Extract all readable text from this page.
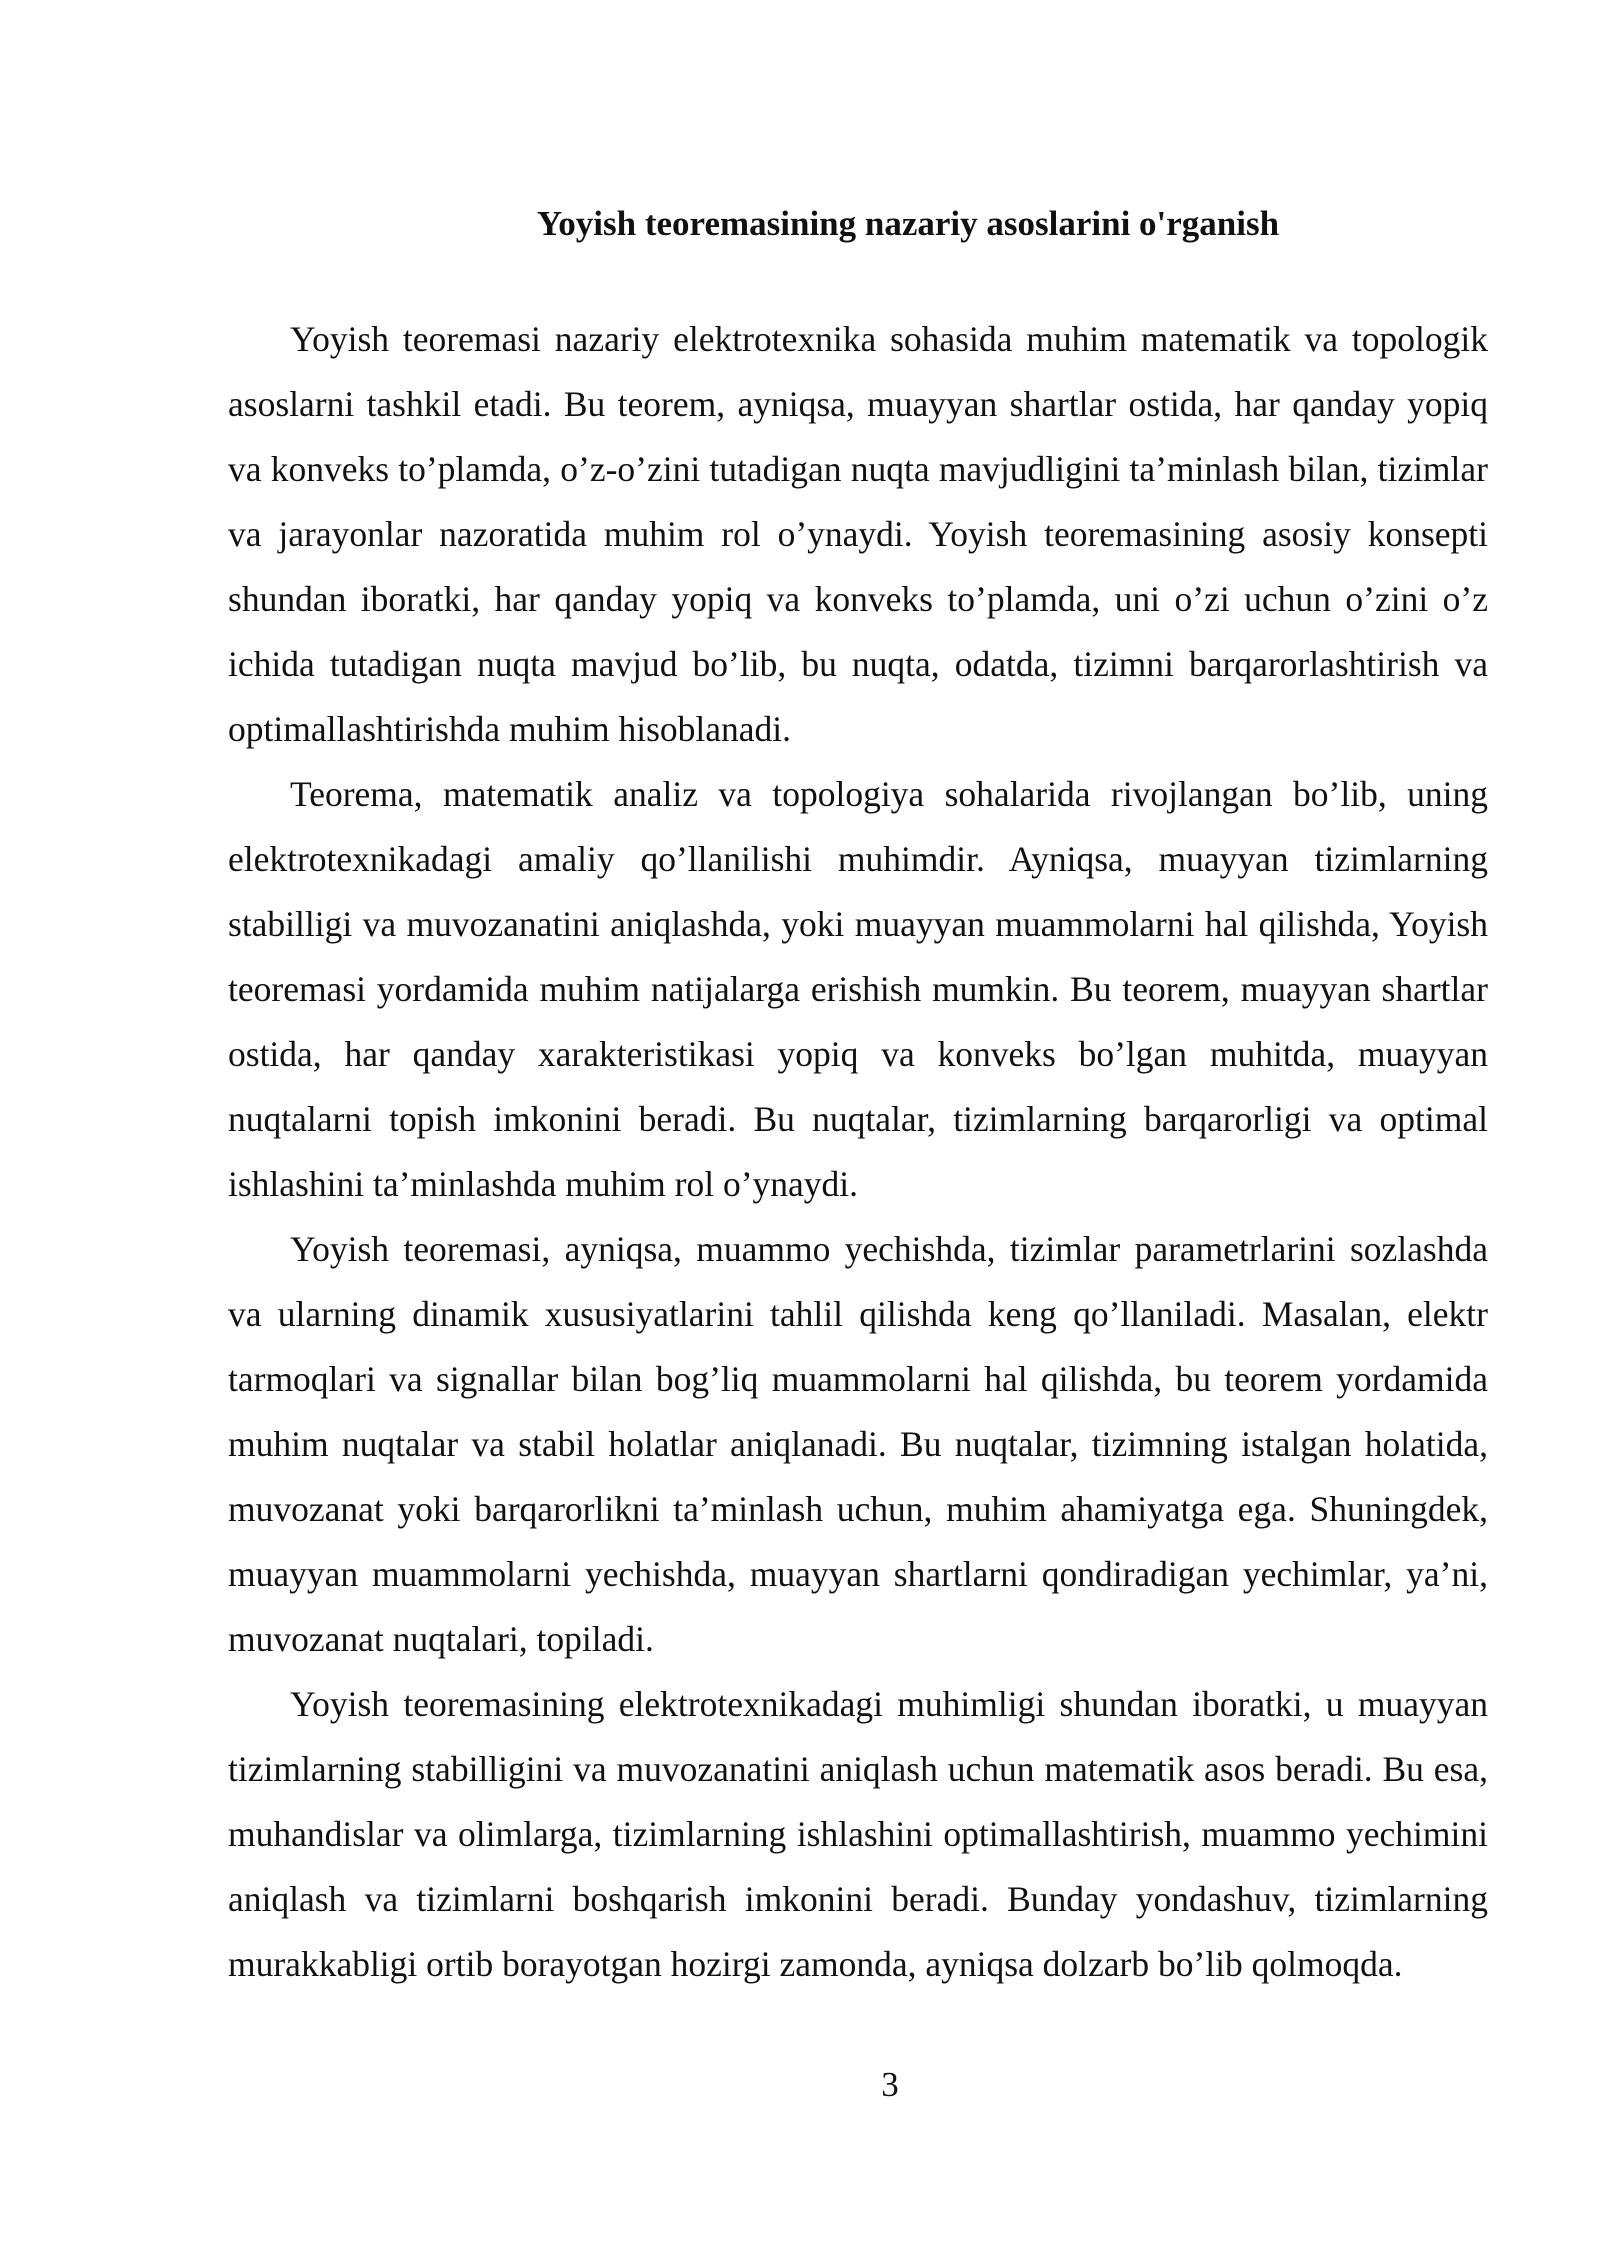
Yoyish teoremasining nazariy asoslarini o'rganish

Yoyish teoremasi nazariy elektrotexnika sohasida muhim matematik va topologik asoslarni tashkil etadi. Bu teorem, ayniqsa, muayyan shartlar ostida, har qanday yopiq va konveks to’plamda, o’z-o’zini tutadigan nuqta mavjudligini ta’minlash bilan, tizimlar va jarayonlar nazoratida muhim rol o’ynaydi. Yoyish teoremasining asosiy konsepti shundan iboratki, har qanday yopiq va konveks to’plamda, uni o’zi uchun o’zini o’z ichida tutadigan nuqta mavjud bo’lib, bu nuqta, odatda, tizimni barqarorlashtirish va optimallashtirishda muhim hisoblanadi.

Teorema, matematik analiz va topologiya sohalarida rivojlangan bo’lib, uning elektrotexnikadagi amaliy qo’llanilishi muhimdir. Ayniqsa, muayyan tizimlarning stabilligi va muvozanatini aniqlashda, yoki muayyan muammolarni hal qilishda, Yoyish teoremasi yordamida muhim natijalarga erishish mumkin. Bu teorem, muayyan shartlar ostida, har qanday xarakteristikasi yopiq va konveks bo’lgan muhitda, muayyan nuqtalarni topish imkonini beradi. Bu nuqtalar, tizimlarning barqarorligi va optimal ishlashini ta’minlashda muhim rol o’ynaydi.

Yoyish teoremasi, ayniqsa, muammo yechishda, tizimlar parametrlarini sozlashda va ularning dinamik xususiyatlarini tahlil qilishda keng qo’llaniladi. Masalan, elektr tarmoqlari va signallar bilan bog’liq muammolarni hal qilishda, bu teorem yordamida muhim nuqtalar va stabil holatlar aniqlanadi. Bu nuqtalar, tizimning istalgan holatida, muvozanat yoki barqarorlikni ta’minlash uchun, muhim ahamiyatga ega. Shuningdek, muayyan muammolarni yechishda, muayyan shartlarni qondiradigan yechimlar, ya’ni, muvozanat nuqtalari, topiladi.

Yoyish teoremasining elektrotexnikadagi muhimligi shundan iboratki, u muayyan tizimlarning stabilligini va muvozanatini aniqlash uchun matematik asos beradi. Bu esa, muhandislar va olimlarga, tizimlarning ishlashini optimallashtirish, muammo yechimini aniqlash va tizimlarni boshqarish imkonini beradi. Bunday yondashuv, tizimlarning murakkabligi ortib borayotgan hozirgi zamonda, ayniqsa dolzarb bo’lib qolmoqda.

3
